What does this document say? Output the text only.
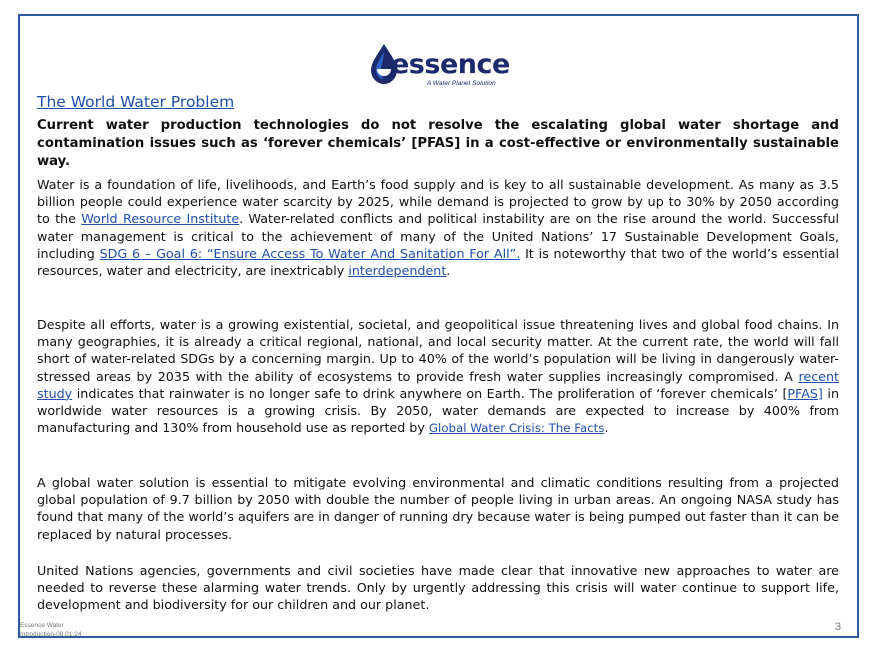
essence
A Water Planet Solution
The World Water Problem
Current water production technologies do not resolve the escalating global water shortage and contamination issues such as ‘forever chemicals’ [PFAS] in a cost-effective or environmentally sustainable way.
Water is a foundation of life, livelihoods, and Earth’s food supply and is key to all sustainable development. As many as 3.5 billion people could experience water scarcity by 2025, while demand is projected to grow by up to 30% by 2050 according to the World Resource Institute. Water-related conflicts and political instability are on the rise around the world. Successful water management is critical to the achievement of many of the United Nations’ 17 Sustainable Development Goals, including SDG 6 – Goal 6: “Ensure Access To Water And Sanitation For All”. It is noteworthy that two of the world’s essential resources, water and electricity, are inextricably interdependent.
Despite all efforts, water is a growing existential, societal, and geopolitical issue threatening lives and global food chains. In many geographies, it is already a critical regional, national, and local security matter. At the current rate, the world will fall short of water-related SDGs by a concerning margin. Up to 40% of the world’s population will be living in dangerously water-stressed areas by 2035 with the ability of ecosystems to provide fresh water supplies increasingly compromised. A recent study indicates that rainwater is no longer safe to drink anywhere on Earth. The proliferation of ‘forever chemicals’ [PFAS] in worldwide water resources is a growing crisis. By 2050, water demands are expected to increase by 400% from manufacturing and 130% from household use as reported by Global Water Crisis: The Facts.
A global water solution is essential to mitigate evolving environmental and climatic conditions resulting from a projected global population of 9.7 billion by 2050 with double the number of people living in urban areas. An ongoing NASA study has found that many of the world’s aquifers are in danger of running dry because water is being pumped out faster than it can be replaced by natural processes.
United Nations agencies, governments and civil societies have made clear that innovative new approaches to water are needed to reverse these alarming water trends. Only by urgently addressing this crisis will water continue to support life, development and biodiversity for our children and our planet.
Essence Water
Introduction-08.01.24
3
